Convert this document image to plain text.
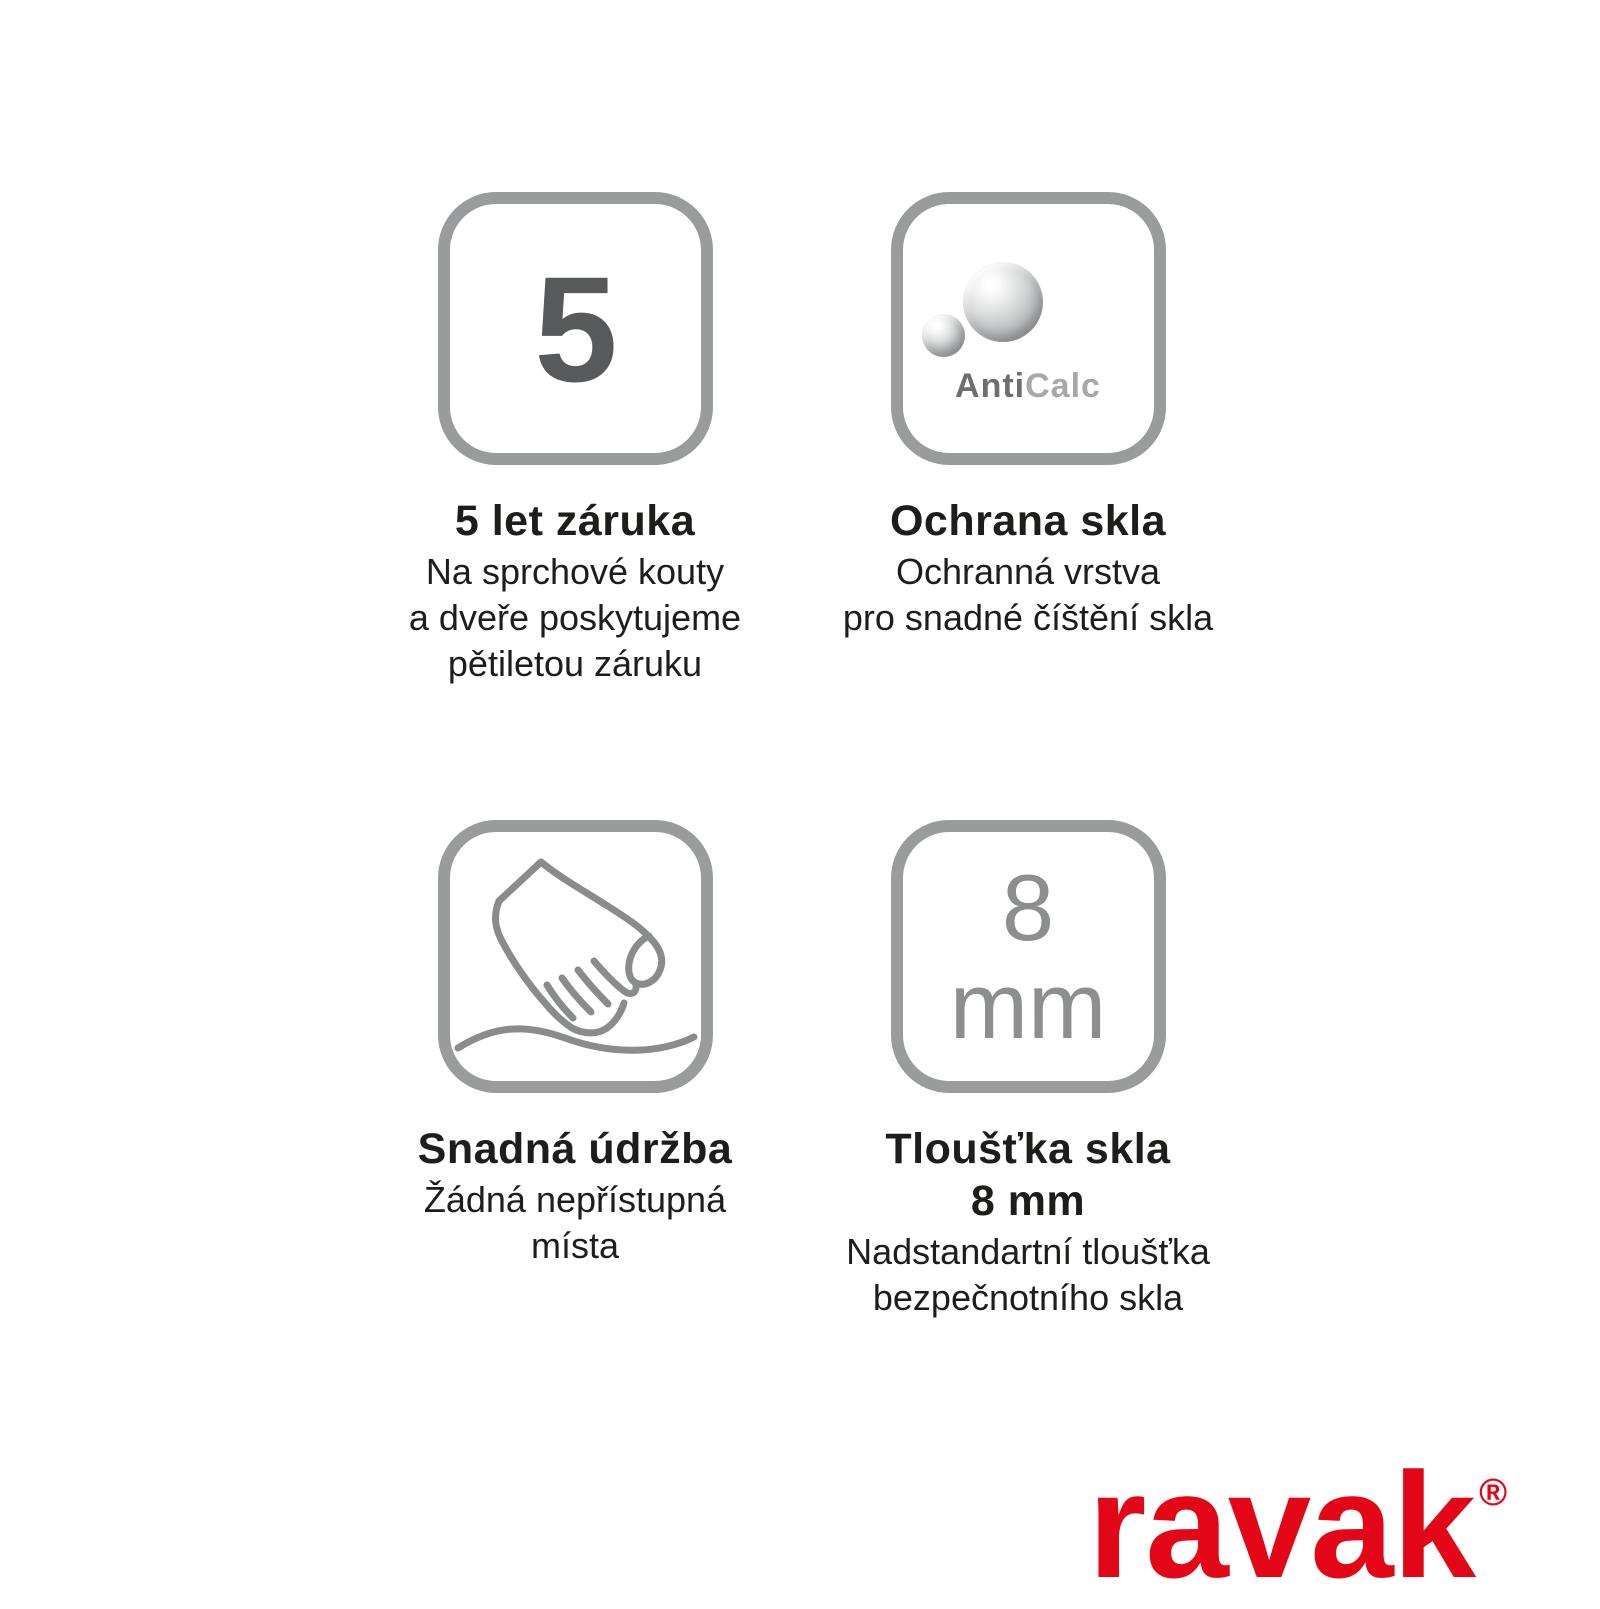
5
5 let záruka
Na sprchové kouty
a dveře poskytujeme
pětiletou záruku
AntiCalc
Ochrana skla
Ochranná vrstva
pro snadné číštění skla
Snadná údržba
Žádná nepřístupná
místa
8
mm
Tloušťka skla
8 mm
Nadstandartní tloušťka
bezpečnotního skla
ravak ®
